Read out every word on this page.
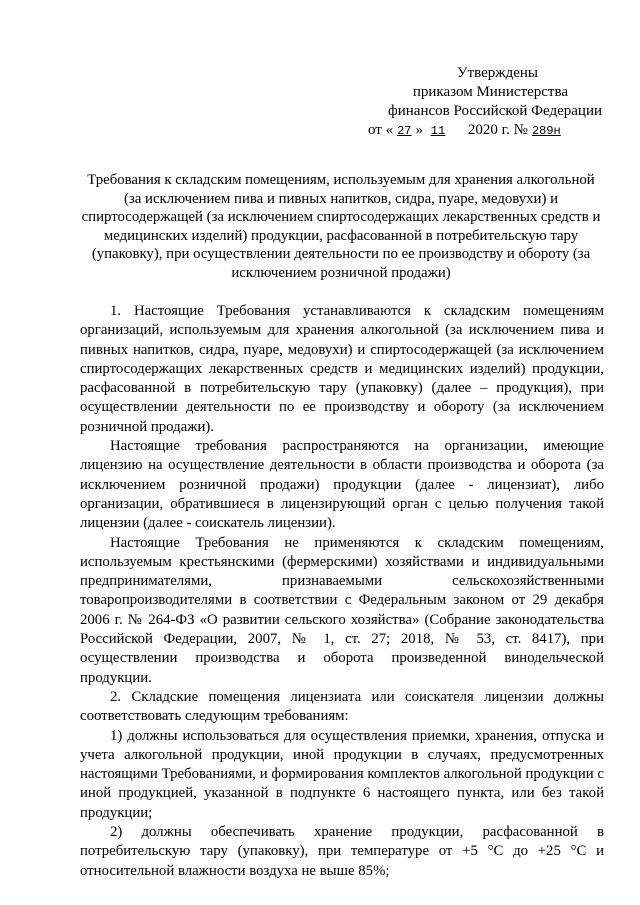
Утверждены
приказом Министерства
финансов Российской Федерации
от « 27 » 11 2020 г. № 289н
Требования к складским помещениям, используемым для хранения алкогольной (за исключением пива и пивных напитков, сидра, пуаре, медовухи) и спиртосодержащей (за исключением спиртосодержащих лекарственных средств и медицинских изделий) продукции, расфасованной в потребительскую тару (упаковку), при осуществлении деятельности по ее производству и обороту (за исключением розничной продажи)

1. Настоящие Требования устанавливаются к складским помещениям организаций, используемым для хранения алкогольной (за исключением пива и пивных напитков, сидра, пуаре, медовухи) и спиртосодержащей (за исключением спиртосодержащих лекарственных средств и медицинских изделий) продукции, расфасованной в потребительскую тару (упаковку) (далее – продукция), при осуществлении деятельности по ее производству и обороту (за исключением розничной продажи).

Настоящие требования распространяются на организации, имеющие лицензию на осуществление деятельности в области производства и оборота (за исключением розничной продажи) продукции (далее - лицензиат), либо организации, обратившиеся в лицензирующий орган с целью получения такой лицензии (далее - соискатель лицензии).

Настоящие Требования не применяются к складским помещениям, используемым крестьянскими (фермерскими) хозяйствами и индивидуальными предпринимателями, признаваемыми сельскохозяйственными товаропроизводителями в соответствии с Федеральным законом от 29 декабря 2006 г. № 264-ФЗ «О развитии сельского хозяйства» (Собрание законодательства Российской Федерации, 2007, № 1, ст. 27; 2018, № 53, ст. 8417), при осуществлении производства и оборота произведенной винодельческой продукции.

2. Складские помещения лицензиата или соискателя лицензии должны соответствовать следующим требованиям:

1) должны использоваться для осуществления приемки, хранения, отпуска и учета алкогольной продукции, иной продукции в случаях, предусмотренных настоящими Требованиями, и формирования комплектов алкогольной продукции с иной продукцией, указанной в подпункте 6 настоящего пункта, или без такой продукции;

2) должны обеспечивать хранение продукции, расфасованной в потребительскую тару (упаковку), при температуре от +5 °С до +25 °С и относительной влажности воздуха не выше 85%;
